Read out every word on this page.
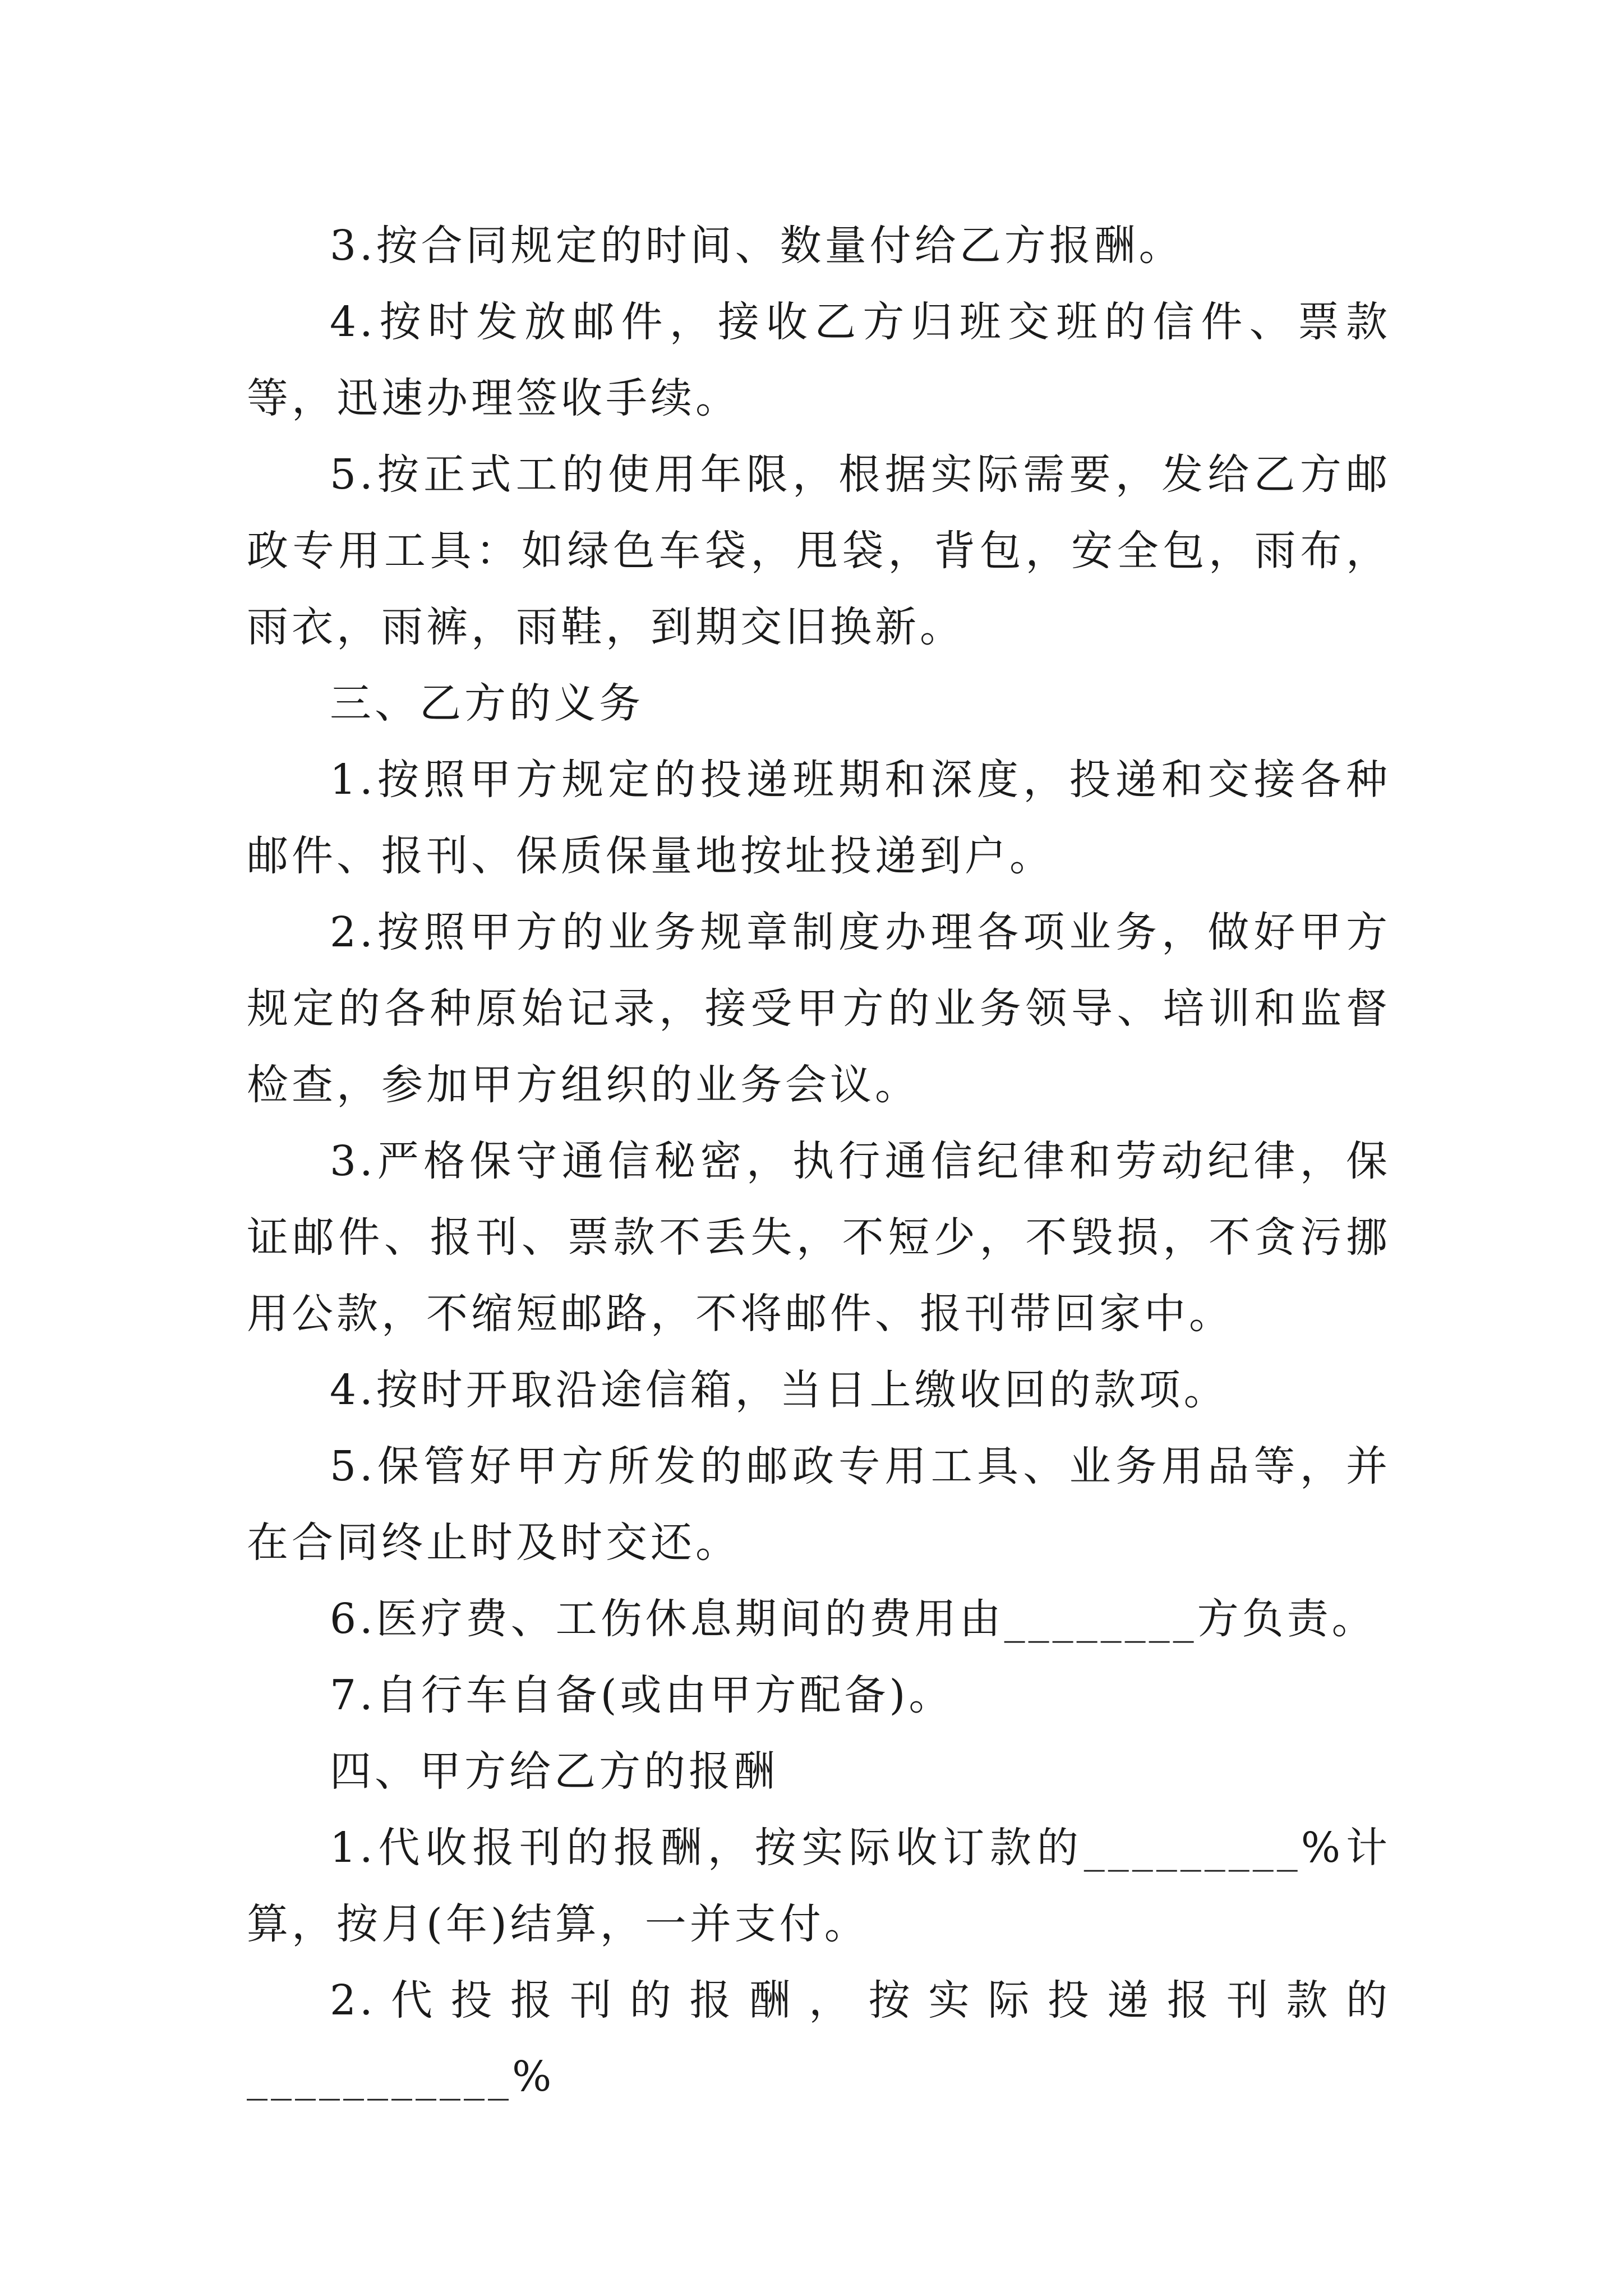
3.按合同规定的时间、数量付给乙方报酬。

4.按时发放邮件，接收乙方归班交班的信件、票款等，迅速办理签收手续。

5.按正式工的使用年限，根据实际需要，发给乙方邮政专用工具：如绿色车袋，甩袋，背包，安全包，雨布，雨衣，雨裤，雨鞋，到期交旧换新。

三、乙方的义务

1.按照甲方规定的投递班期和深度，投递和交接各种邮件、报刊、保质保量地按址投递到户。

2.按照甲方的业务规章制度办理各项业务，做好甲方规定的各种原始记录，接受甲方的业务领导、培训和监督检查，参加甲方组织的业务会议。

3.严格保守通信秘密，执行通信纪律和劳动纪律，保证邮件、报刊、票款不丢失，不短少，不毁损，不贪污挪用公款，不缩短邮路，不将邮件、报刊带回家中。

4.按时开取沿途信箱，当日上缴收回的款项。

5.保管好甲方所发的邮政专用工具、业务用品等，并在合同终止时及时交还。

6.医疗费、工伤休息期间的费用由________方负责。

7.自行车自备(或由甲方配备)。

四、甲方给乙方的报酬

1.代收报刊的报酬，按实际收订款的_________%计算，按月(年)结算，一并支付。

2.代投报刊的报酬，按实际投递报刊款的___________%
